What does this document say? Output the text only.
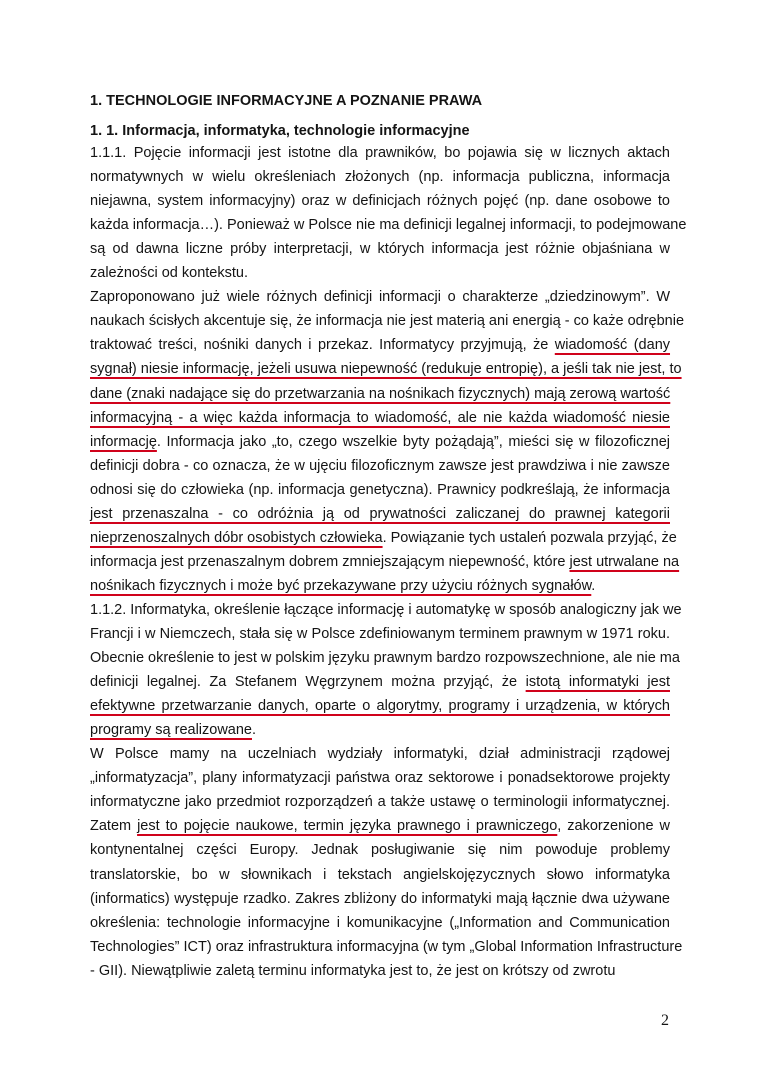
1. TECHNOLOGIE INFORMACYJNE A POZNANIE PRAWA
1. 1. Informacja, informatyka, technologie informacyjne
1.1.1. Pojęcie informacji jest istotne dla prawników, bo pojawia się w licznych aktach
normatywnych w wielu określeniach złożonych (np. informacja publiczna, informacja
niejawna, system informacyjny) oraz w definicjach różnych pojęć (np. dane osobowe to
każda informacja…). Ponieważ w Polsce nie ma definicji legalnej informacji, to podejmowane
są od dawna liczne próby interpretacji, w których informacja jest różnie objaśniana w
zależności od kontekstu.
Zaproponowano już wiele różnych definicji informacji o charakterze „dziedzinowym”. W
naukach ścisłych akcentuje się, że informacja nie jest materią ani energią - co każe odrębnie
traktować treści, nośniki danych i przekaz. Informatycy przyjmują, że wiadomość (dany
sygnał) niesie informację, jeżeli usuwa niepewność (redukuje entropię), a jeśli tak nie jest, to
dane (znaki nadające się do przetwarzania na nośnikach fizycznych) mają zerową wartość
informacyjną - a więc każda informacja to wiadomość, ale nie każda wiadomość niesie
informację. Informacja jako „to, czego wszelkie byty pożądają”, mieści się w filozoficznej
definicji dobra - co oznacza, że w ujęciu filozoficznym zawsze jest prawdziwa i nie zawsze
odnosi się do człowieka (np. informacja genetyczna). Prawnicy podkreślają, że informacja
jest przenaszalna - co odróżnia ją od prywatności zaliczanej do prawnej kategorii
nieprzenoszalnych dóbr osobistych człowieka. Powiązanie tych ustaleń pozwala przyjąć, że
informacja jest przenaszalnym dobrem zmniejszającym niepewność, które jest utrwalane na
nośnikach fizycznych i może być przekazywane przy użyciu różnych sygnałów.
1.1.2. Informatyka, określenie łączące informację i automatykę w sposób analogiczny jak we
Francji i w Niemczech, stała się w Polsce zdefiniowanym terminem prawnym w 1971 roku.
Obecnie określenie to jest w polskim języku prawnym bardzo rozpowszechnione, ale nie ma
definicji legalnej. Za Stefanem Węgrzynem można przyjąć, że istotą informatyki jest
efektywne przetwarzanie danych, oparte o algorytmy, programy i urządzenia, w których
programy są realizowane.
W Polsce mamy na uczelniach wydziały informatyki, dział administracji rządowej
„informatyzacja”, plany informatyzacji państwa oraz sektorowe i ponadsektorowe projekty
informatyczne jako przedmiot rozporządzeń a także ustawę o terminologii informatycznej.
Zatem jest to pojęcie naukowe, termin języka prawnego i prawniczego, zakorzenione w
kontynentalnej części Europy. Jednak posługiwanie się nim powoduje problemy
translatorskie, bo w słownikach i tekstach angielskojęzycznych słowo informatyka
(informatics) występuje rzadko. Zakres zbliżony do informatyki mają łącznie dwa używane
określenia: technologie informacyjne i komunikacyjne („Information and Communication
Technologies” ICT) oraz infrastruktura informacyjna (w tym „Global Information Infrastructure
- GII). Niewątpliwie zaletą terminu informatyka jest to, że jest on krótszy od zwrotu
2
